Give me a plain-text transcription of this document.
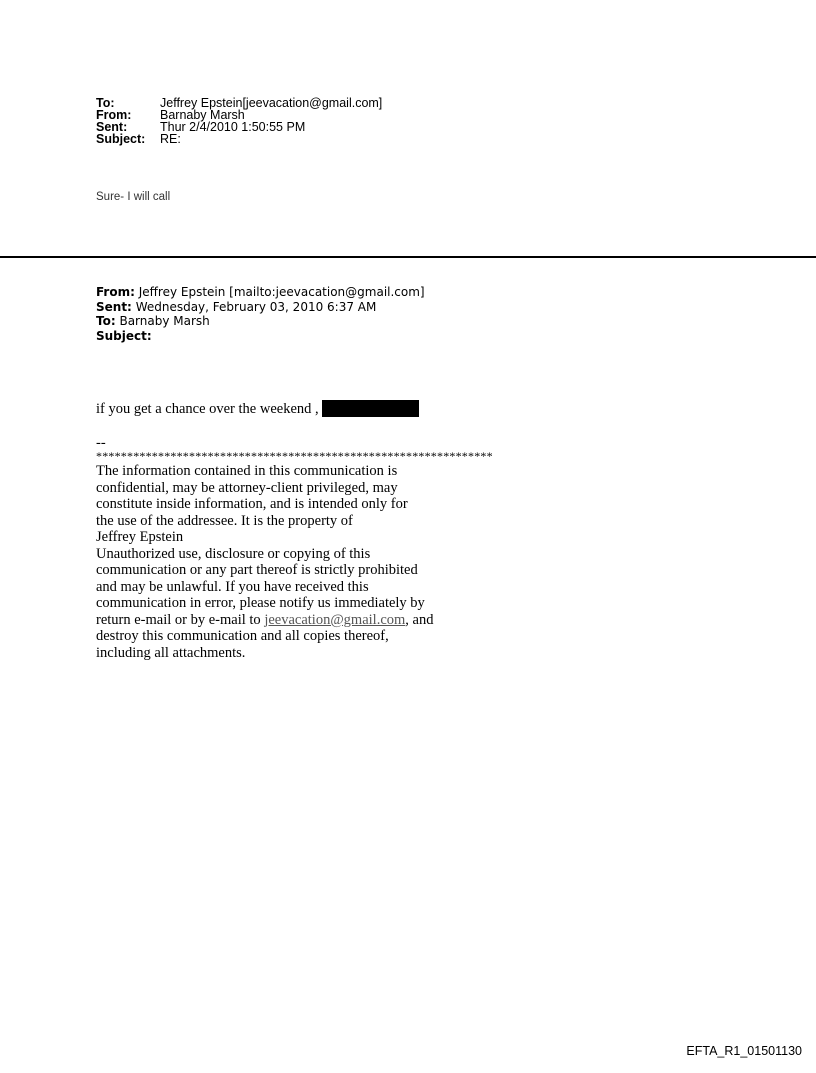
To:	Jeffrey Epstein[jeevacation@gmail.com]
From:	Barnaby Marsh
Sent:	Thur 2/4/2010 1:50:55 PM
Subject:	RE:
Sure- I will call
From: Jeffrey Epstein [mailto:jeevacation@gmail.com]
Sent: Wednesday, February 03, 2010 6:37 AM
To: Barnaby Marsh
Subject:
if you get a chance over the weekend ,
--
****************************************************************
The information contained in this communication is
confidential, may be attorney-client privileged, may
constitute inside information, and is intended only for
the use of the addressee. It is the property of
Jeffrey Epstein
Unauthorized use, disclosure or copying of this
communication or any part thereof is strictly prohibited
and may be unlawful. If you have received this
communication in error, please notify us immediately by
return e-mail or by e-mail to jeevacation@gmail.com, and
destroy this communication and all copies thereof,
including all attachments.
EFTA_R1_01501130
